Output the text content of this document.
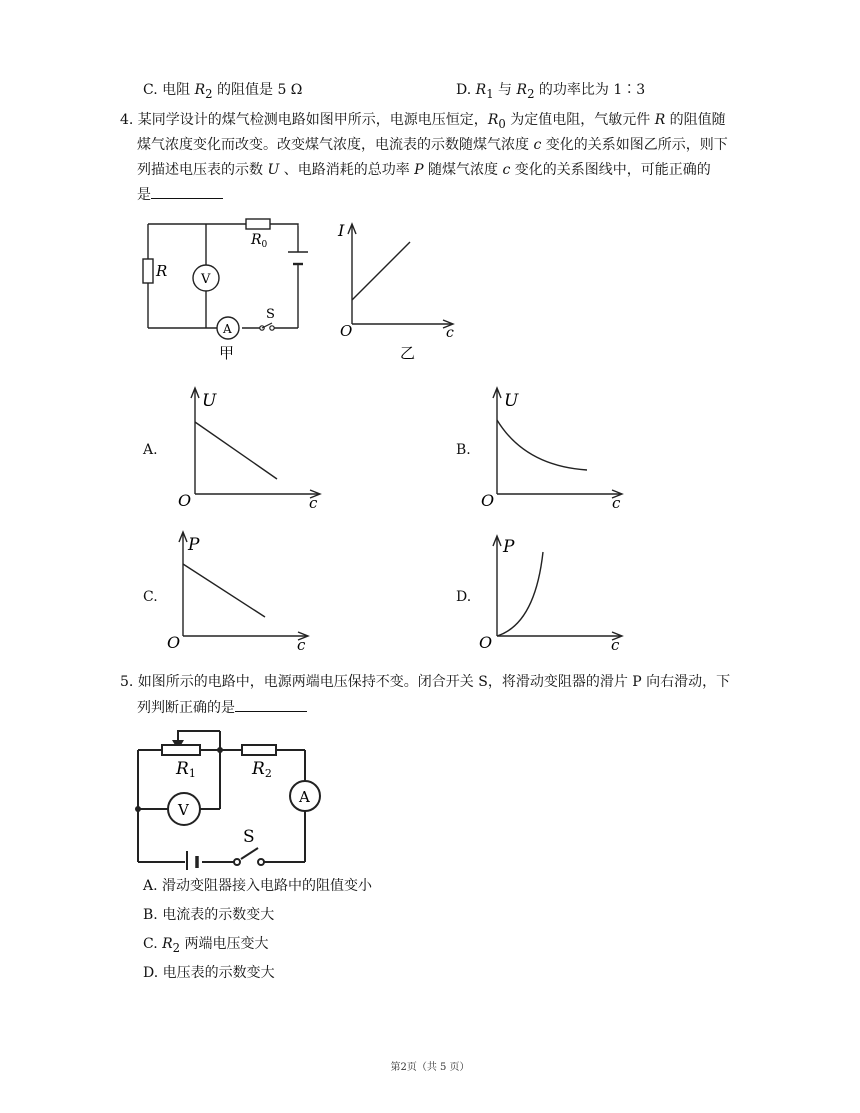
C. 电阻 $R_2$ 的阻值是 5 Ω	D. $R_1$ 与 $R_2$ 的功率比为 1∶3
4. 某同学设计的煤气检测电路如图甲所示，电源电压恒定，$R_0$ 为定值电阻，气敏元件 R 的阻值随
煤气浓度变化而改变。改变煤气浓度，电流表的示数随煤气浓度 c 变化的关系如图乙所示，则下
列描述电压表的示数 U 、电路消耗的总功率 P 随煤气浓度 c 变化的关系图线中，可能正确的
是
R
$R_0$
V
A
S
甲
I
O	c
乙
A.
U
O	c
B.
U
O	c
C.
P
O	c
D.
P
O	c
5. 如图所示的电路中，电源两端电压保持不变。闭合开关 S，将滑动变阻器的滑片 P 向右滑动，下
列判断正确的是
R1	R2
V
A
S
A. 滑动变阻器接入电路中的阻值变小
B. 电流表的示数变大
C. $R_2$ 两端电压变大
D. 电压表的示数变大
第2页（共 5 页）
